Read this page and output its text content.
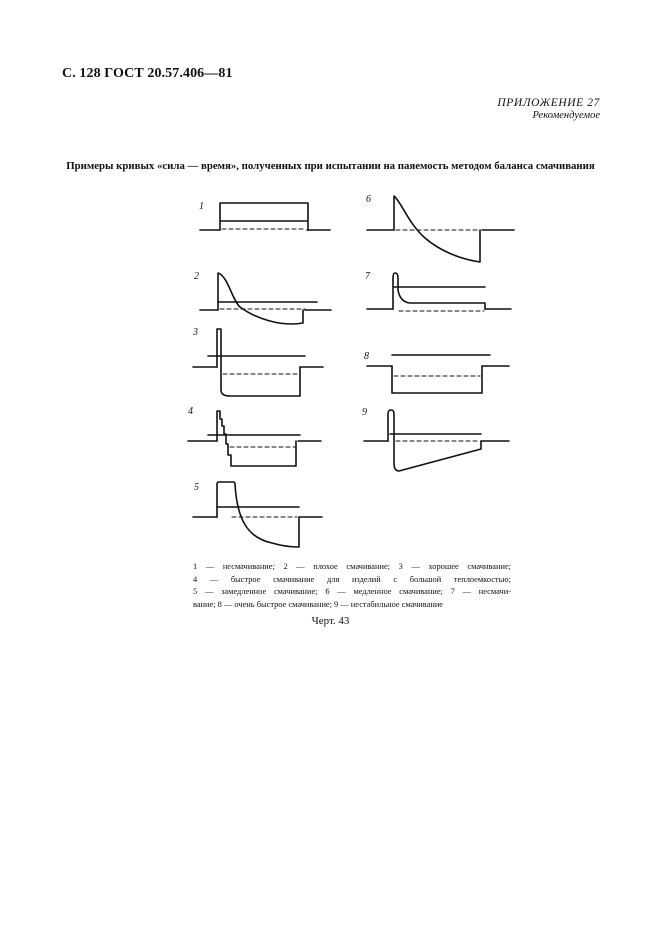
С. 128 ГОСТ 20.57.406—81
ПРИЛОЖЕНИЕ 27
Рекомендуемое
Примеры кривых «сила — время», полученных при испытании на паяемость методом баланса смачивания
1
2
3
4
5
6
7
8
9
1 — несмачивание; 2 — плохое смачивание; 3 — хорошее смачивание;
4 — быстрое смачивание для изделий с большой теплоемкостью;
5 — замедленное смачивание; 6 — медленное смачивание; 7 — несмачи-
вание; 8 — очень быстрое смачивание; 9 — нестабильное смачивание
Черт. 43
